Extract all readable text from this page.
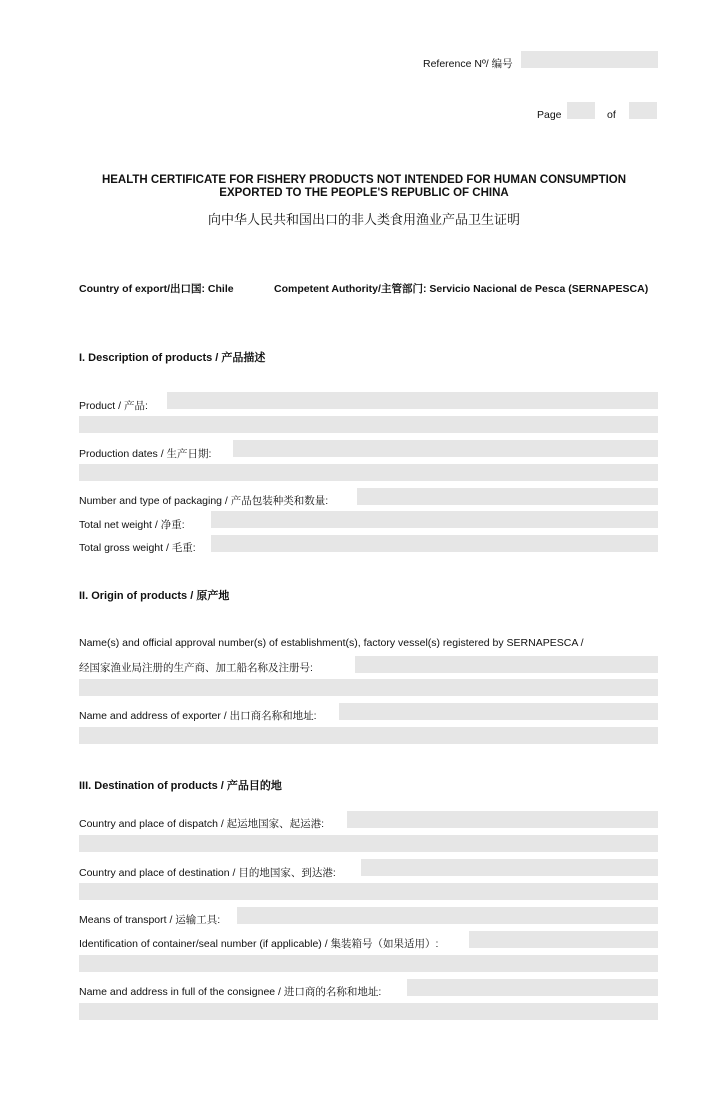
Reference Nº/ 编号
Page	of
HEALTH CERTIFICATE FOR FISHERY PRODUCTS NOT INTENDED FOR HUMAN CONSUMPTION
EXPORTED TO THE PEOPLE'S REPUBLIC OF CHINA
向中华人民共和国出口的非人类食用渔业产品卫生证明
Country of export/出口国: Chile	Competent Authority/主管部门: Servicio Nacional de Pesca (SERNAPESCA)
I. Description of products / 产品描述
Product / 产品:
Production dates / 生产日期:
Number and type of packaging / 产品包装种类和数量:
Total net weight / 净重:
Total gross weight / 毛重:
II. Origin of products / 原产地
Name(s) and official approval number(s) of establishment(s), factory vessel(s) registered by SERNAPESCA /
经国家渔业局注册的生产商、加工船名称及注册号:
Name and address of exporter / 出口商名称和地址:
III. Destination of products / 产品目的地
Country and place of dispatch / 起运地国家、起运港:
Country and place of destination / 目的地国家、到达港:
Means of transport / 运输工具:
Identification of container/seal number (if applicable) / 集装箱号（如果适用）:
Name and address in full of the consignee / 进口商的名称和地址:
